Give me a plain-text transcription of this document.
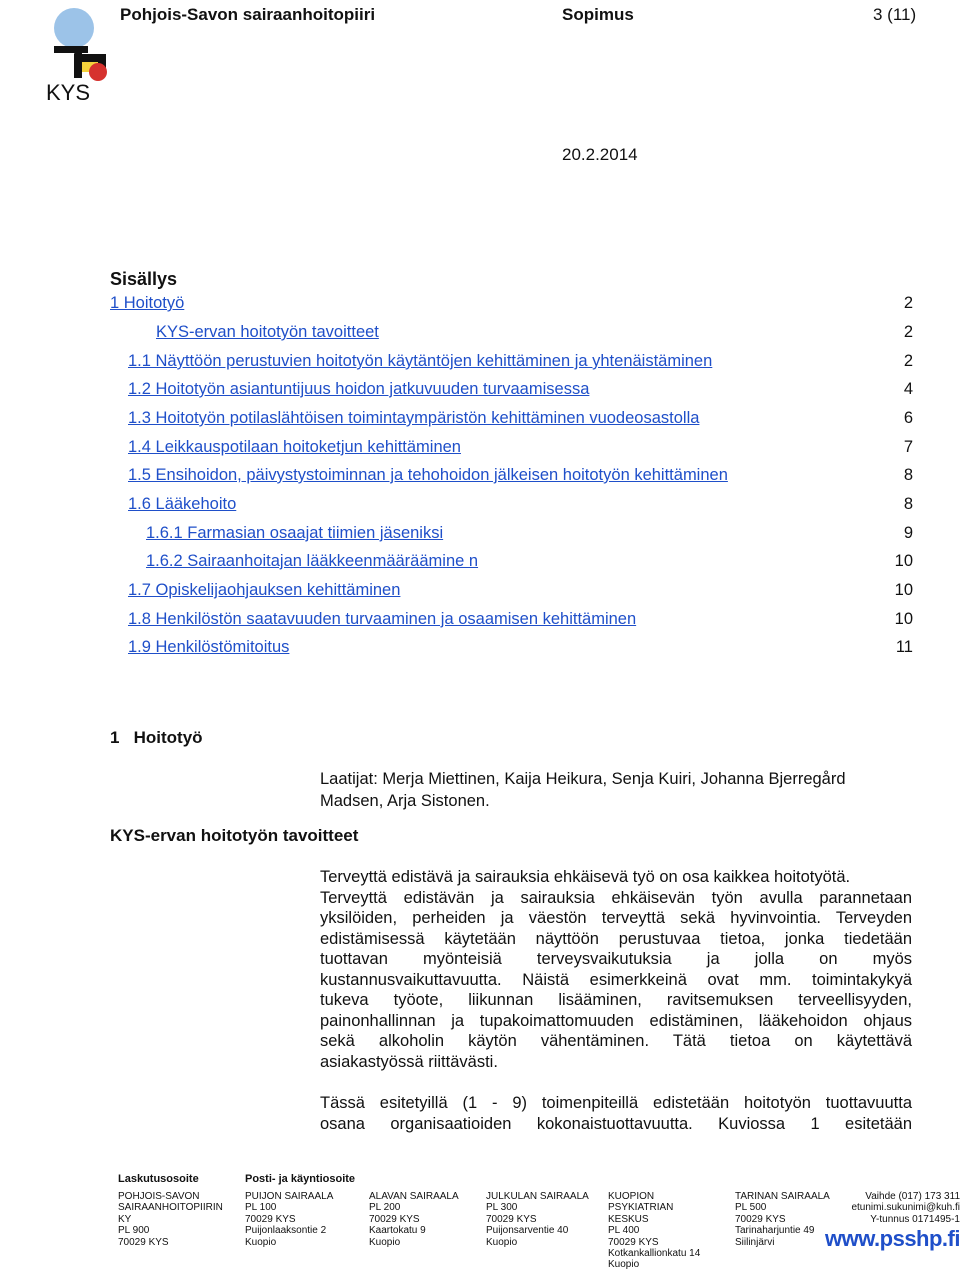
KYS
Pohjois-Savon sairaanhoitopiiri	Sopimus	3 (11)
20.2.2014
Sisällys
1 Hoitotyö	2
KYS-ervan hoitotyön tavoitteet	2
1.1 Näyttöön perustuvien hoitotyön käytäntöjen kehittäminen ja yhtenäistäminen	2
1.2 Hoitotyön asiantuntijuus hoidon jatkuvuuden turvaamisessa	4
1.3 Hoitotyön potilaslähtöisen toimintaympäristön kehittäminen vuodeosastolla	6
1.4 Leikkauspotilaan hoitoketjun kehittäminen	7
1.5 Ensihoidon, päivystystoiminnan ja tehohoidon jälkeisen hoitotyön kehittäminen	8
1.6 Lääkehoito	8
1.6.1 Farmasian osaajat tiimien jäseniksi	9
1.6.2 Sairaanhoitajan lääkkeenmääräämine n	10
1.7 Opiskelijaohjauksen kehittäminen	10
1.8 Henkilöstön saatavuuden turvaaminen ja osaamisen kehittäminen	10
1.9 Henkilöstömitoitus	11
1   Hoitotyö
KYS-ervan hoitotyön tavoitteet
Laatijat: Merja Miettinen, Kaija Heikura, Senja Kuiri, Johanna Bjerregård
Madsen, Arja Sistonen.
Terveyttä edistävä ja sairauksia ehkäisevä työ on osa kaikkea hoitotyötä.
Terveyttä edistävän ja sairauksia ehkäisevän työn avulla parannetaan
yksilöiden, perheiden ja väestön terveyttä sekä hyvinvointia. Terveyden
edistämisessä käytetään näyttöön perustuvaa tietoa, jonka tiedetään
tuottavan myönteisiä terveysvaikutuksia ja jolla on myös
kustannusvaikuttavuutta. Näistä esimerkkeinä ovat mm. toimintakykyä
tukeva työote, liikunnan lisääminen, ravitsemuksen terveellisyyden,
painonhallinnan ja tupakoimattomuuden edistäminen, lääkehoidon ohjaus
sekä alkoholin käytön vähentäminen. Tätä tietoa on käytettävä
asiakastyössä riittävästi.
Tässä esitetyillä (1 - 9) toimenpiteillä edistetään hoitotyön tuottavuutta
osana organisaatioiden kokonaistuottavuutta. Kuviossa 1 esitetään
Laskutusosoite
POHJOIS-SAVON
SAIRAANHOITOPIIRIN
KY
PL 900
70029 KYS
Posti- ja käyntiosoite
PUIJON SAIRAALA
PL 100
70029 KYS
Puijonlaaksontie 2
Kuopio
ALAVAN SAIRAALA
PL 200
70029 KYS
Kaartokatu 9
Kuopio
JULKULAN SAIRAALA
PL 300
70029 KYS
Puijonsarventie 40
Kuopio
KUOPION
PSYKIATRIAN
KESKUS
PL 400
70029 KYS
Kotkankallionkatu 14
Kuopio
TARINAN SAIRAALA
PL 500
70029 KYS
Tarinaharjuntie 49
Siilinjärvi
Vaihde (017) 173 311
etunimi.sukunimi@kuh.fi
Y-tunnus 0171495-1
www.psshp.fi
